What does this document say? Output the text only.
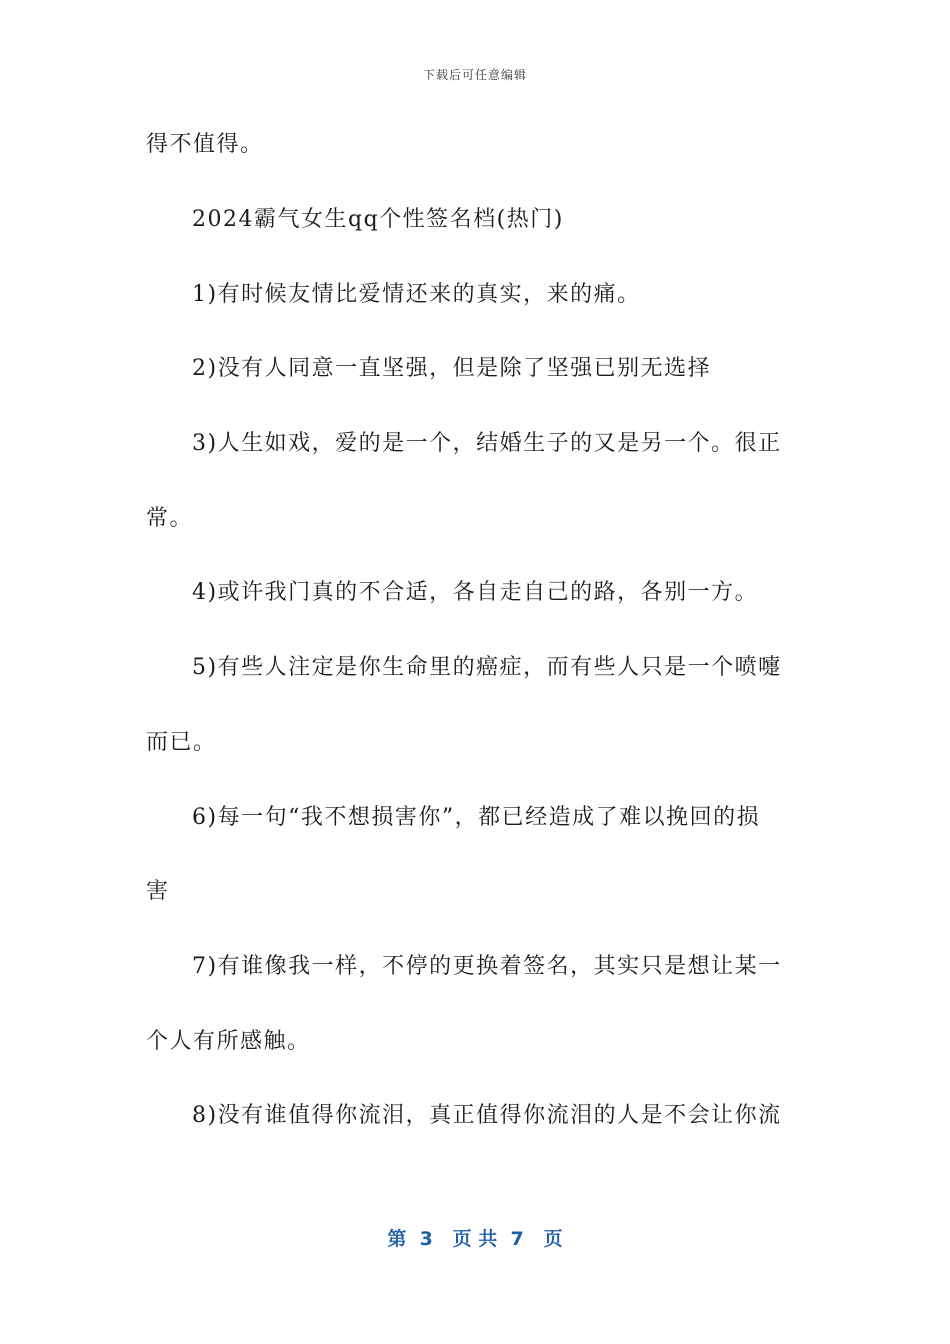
下载后可任意编辑
得不值得。
2024霸气女生qq个性签名档(热门)
1)有时候友情比爱情还来的真实，来的痛。
2)没有人同意一直坚强，但是除了坚强已别无选择
3)人生如戏，爱的是一个，结婚生子的又是另一个。很正
常。
4)或许我门真的不合适，各自走自己的路，各别一方。
5)有些人注定是你生命里的癌症，而有些人只是一个喷嚏
而已。
6)每一句“我不想损害你”，都已经造成了难以挽回的损
害
7)有谁像我一样，不停的更换着签名，其实只是想让某一
个人有所感触。
8)没有谁值得你流泪，真正值得你流泪的人是不会让你流
第  3   页 共  7   页
